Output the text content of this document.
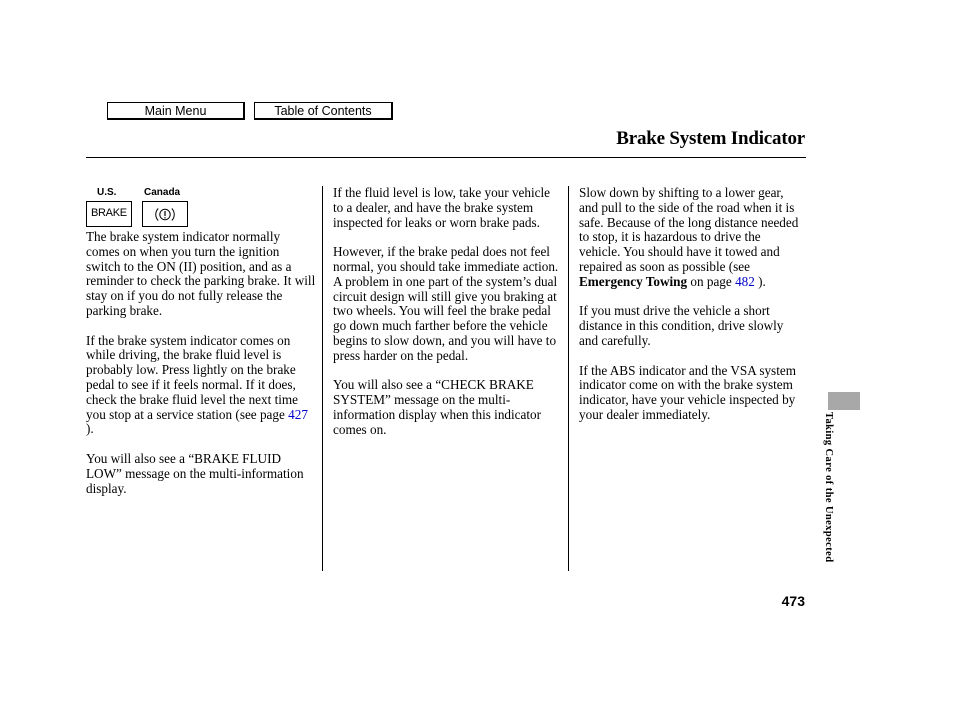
Main Menu	Table of Contents
Brake System Indicator
U.S.	Canada
BRAKE

The brake system indicator normally comes on when you turn the ignition switch to the ON (II) position, and as a reminder to check the parking brake. It will stay on if you do not fully release the parking brake.

If the brake system indicator comes on while driving, the brake fluid level is probably low. Press lightly on the brake pedal to see if it feels normal. If it does, check the brake fluid level the next time you stop at a service station (see page 427 ).

You will also see a “BRAKE FLUID LOW” message on the multi-information display.

If the fluid level is low, take your vehicle to a dealer, and have the brake system inspected for leaks or worn brake pads.

However, if the brake pedal does not feel normal, you should take immediate action. A problem in one part of the system’s dual circuit design will still give you braking at two wheels. You will feel the brake pedal go down much farther before the vehicle begins to slow down, and you will have to press harder on the pedal.

You will also see a “CHECK BRAKE SYSTEM” message on the multi-information display when this indicator comes on.

Slow down by shifting to a lower gear, and pull to the side of the road when it is safe. Because of the long distance needed to stop, it is hazardous to drive the vehicle. You should have it towed and repaired as soon as possible (see Emergency Towing on page 482 ).

If you must drive the vehicle a short distance in this condition, drive slowly and carefully.

If the ABS indicator and the VSA system indicator come on with the brake system indicator, have your vehicle inspected by your dealer immediately.	Taking Care of the Unexpected
473
